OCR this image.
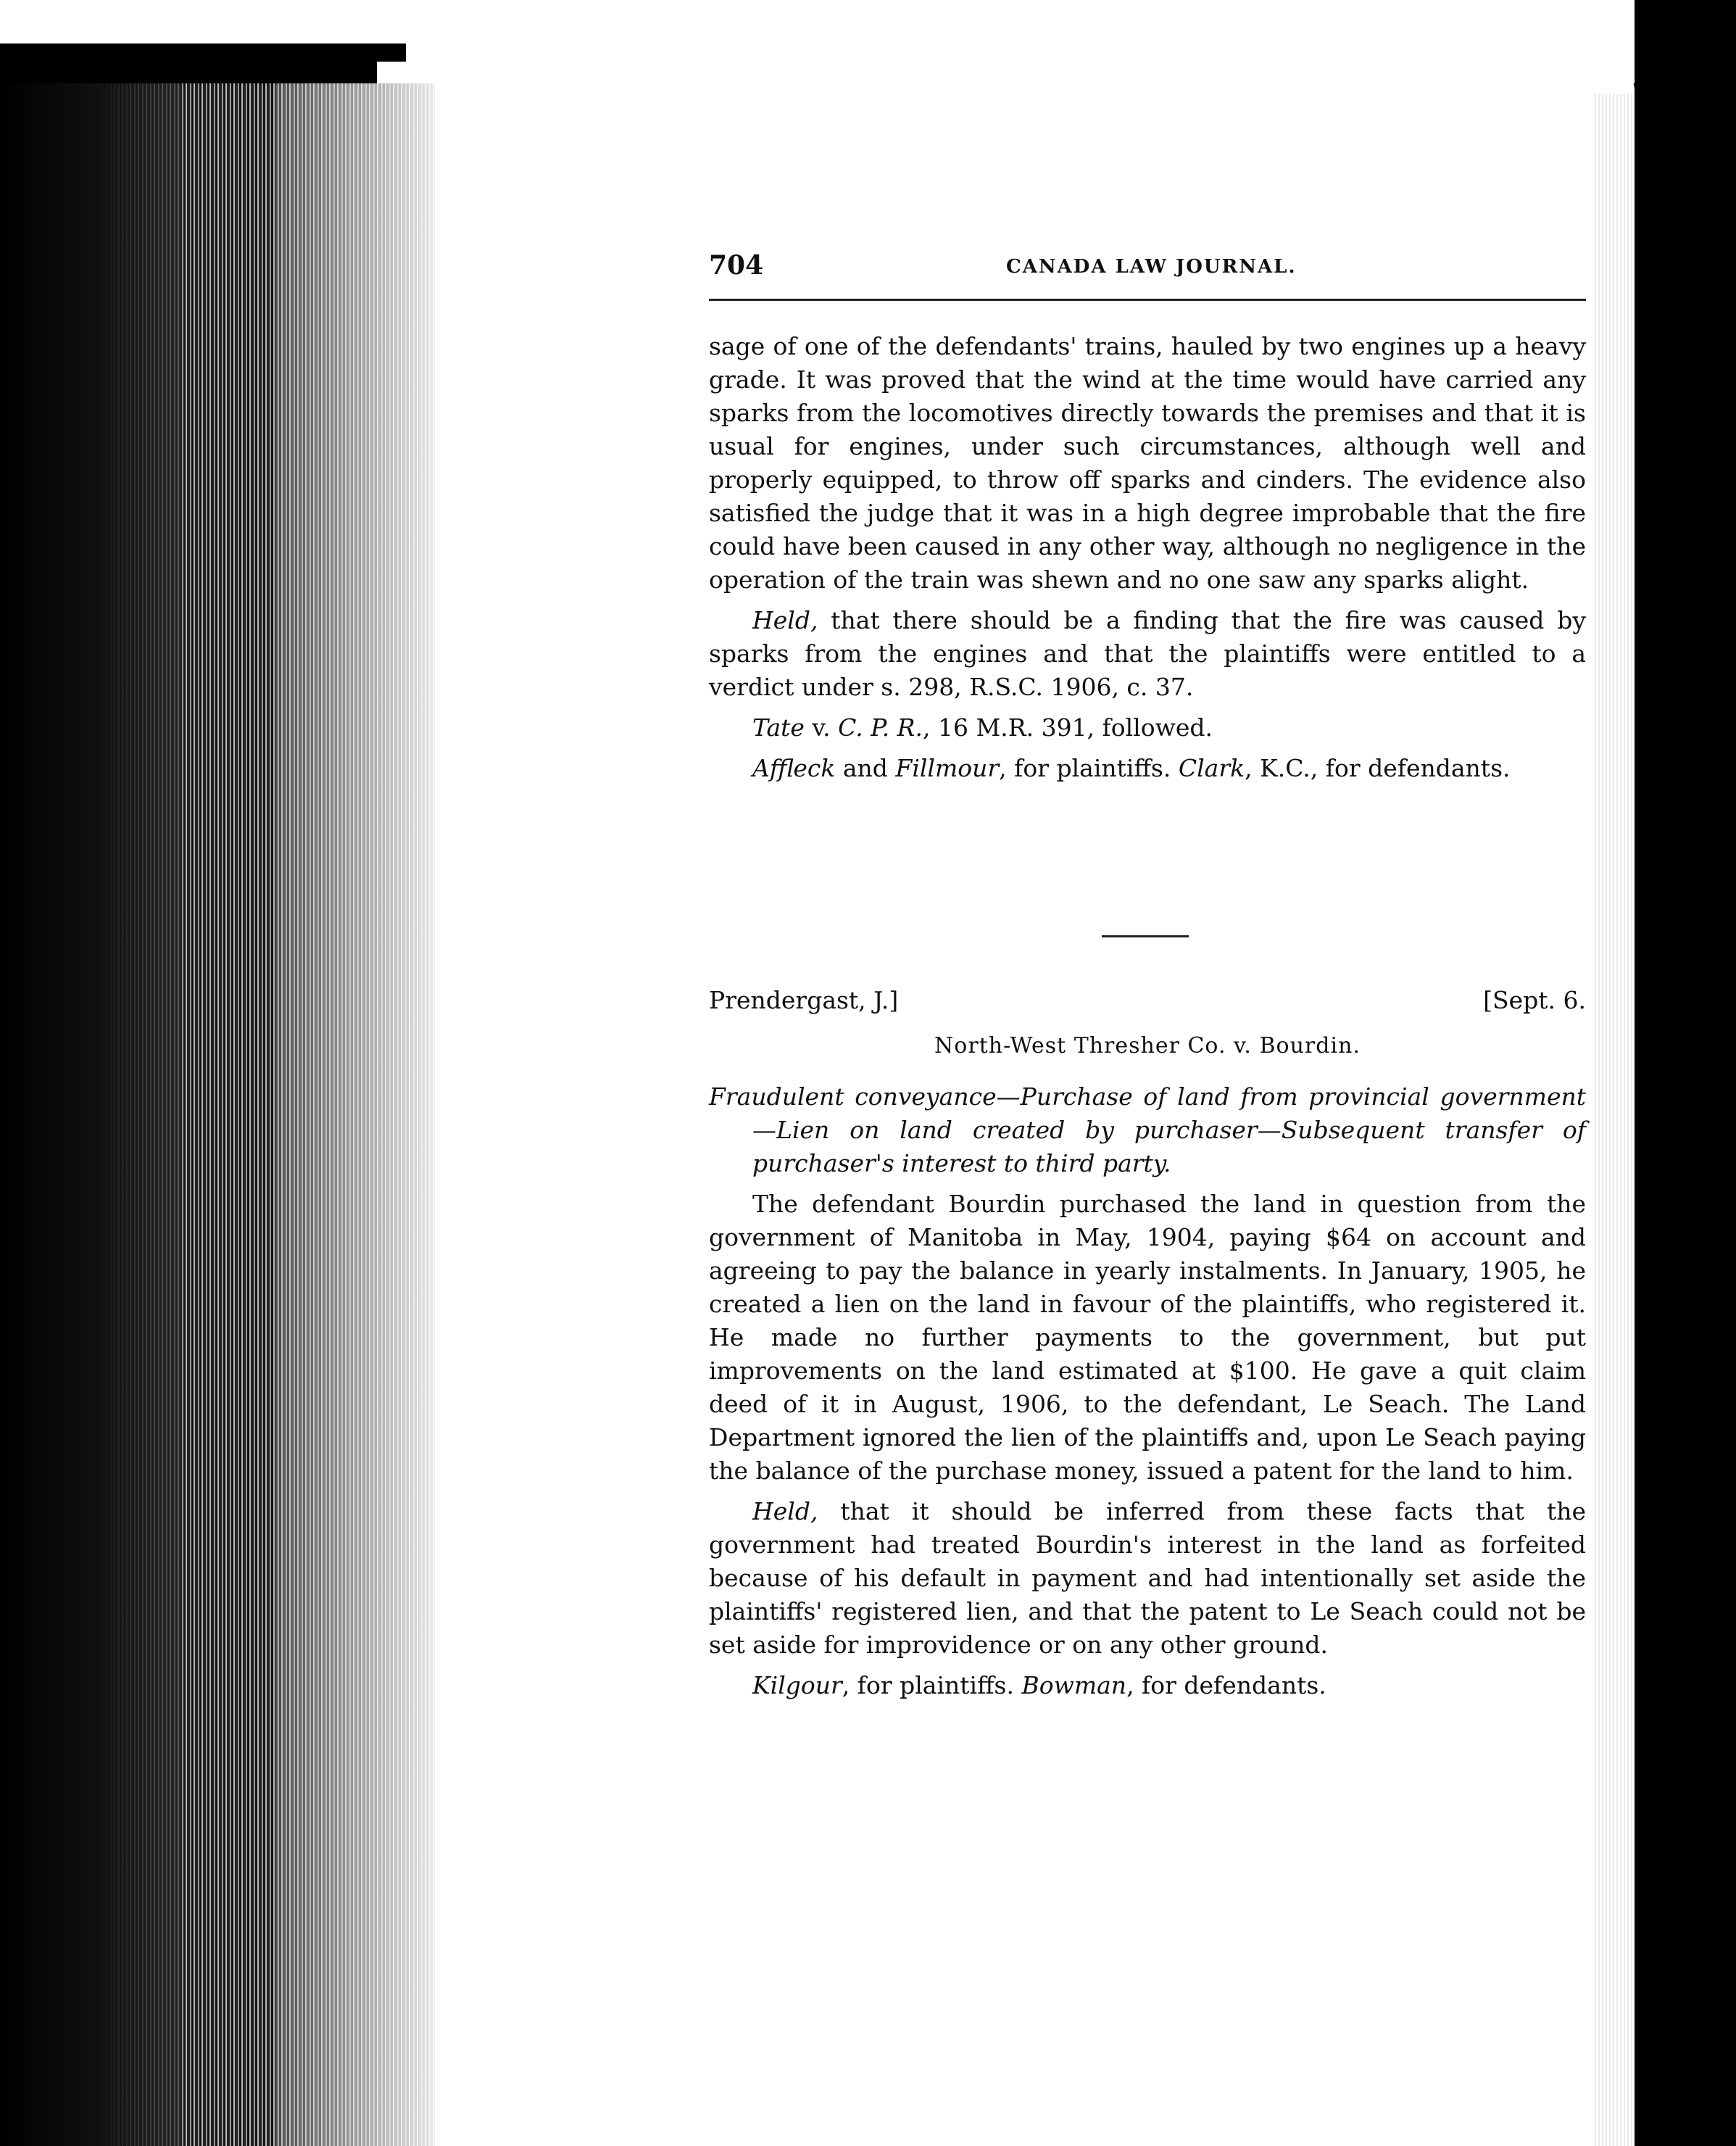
704	CANADA LAW JOURNAL.

sage of one of the defendants' trains, hauled by two engines up a heavy grade. It was proved that the wind at the time would have carried any sparks from the locomotives directly towards the premises and that it is usual for engines, under such circumstances, although well and properly equipped, to throw off sparks and cinders. The evidence also satisfied the judge that it was in a high degree improbable that the fire could have been caused in any other way, although no negligence in the operation of the train was shewn and no one saw any sparks alight.

Held, that there should be a finding that the fire was caused by sparks from the engines and that the plaintiffs were entitled to a verdict under s. 298, R.S.C. 1906, c. 37.

Tate v. C. P. R., 16 M.R. 391, followed.

Affleck and Fillmour, for plaintiffs. Clark, K.C., for defendants.

Prendergast, J.]	[Sept. 6.
North-West Thresher Co. v. Bourdin.

Fraudulent conveyance—Purchase of land from provincial government—Lien on land created by purchaser—Subsequent transfer of purchaser's interest to third party.

The defendant Bourdin purchased the land in question from the government of Manitoba in May, 1904, paying $64 on account and agreeing to pay the balance in yearly instalments. In January, 1905, he created a lien on the land in favour of the plaintiffs, who registered it. He made no further payments to the government, but put improvements on the land estimated at $100. He gave a quit claim deed of it in August, 1906, to the defendant, Le Seach. The Land Department ignored the lien of the plaintiffs and, upon Le Seach paying the balance of the purchase money, issued a patent for the land to him.

Held, that it should be inferred from these facts that the government had treated Bourdin's interest in the land as forfeited because of his default in payment and had intentionally set aside the plaintiffs' registered lien, and that the patent to Le Seach could not be set aside for improvidence or on any other ground.

Kilgour, for plaintiffs. Bowman, for defendants.
